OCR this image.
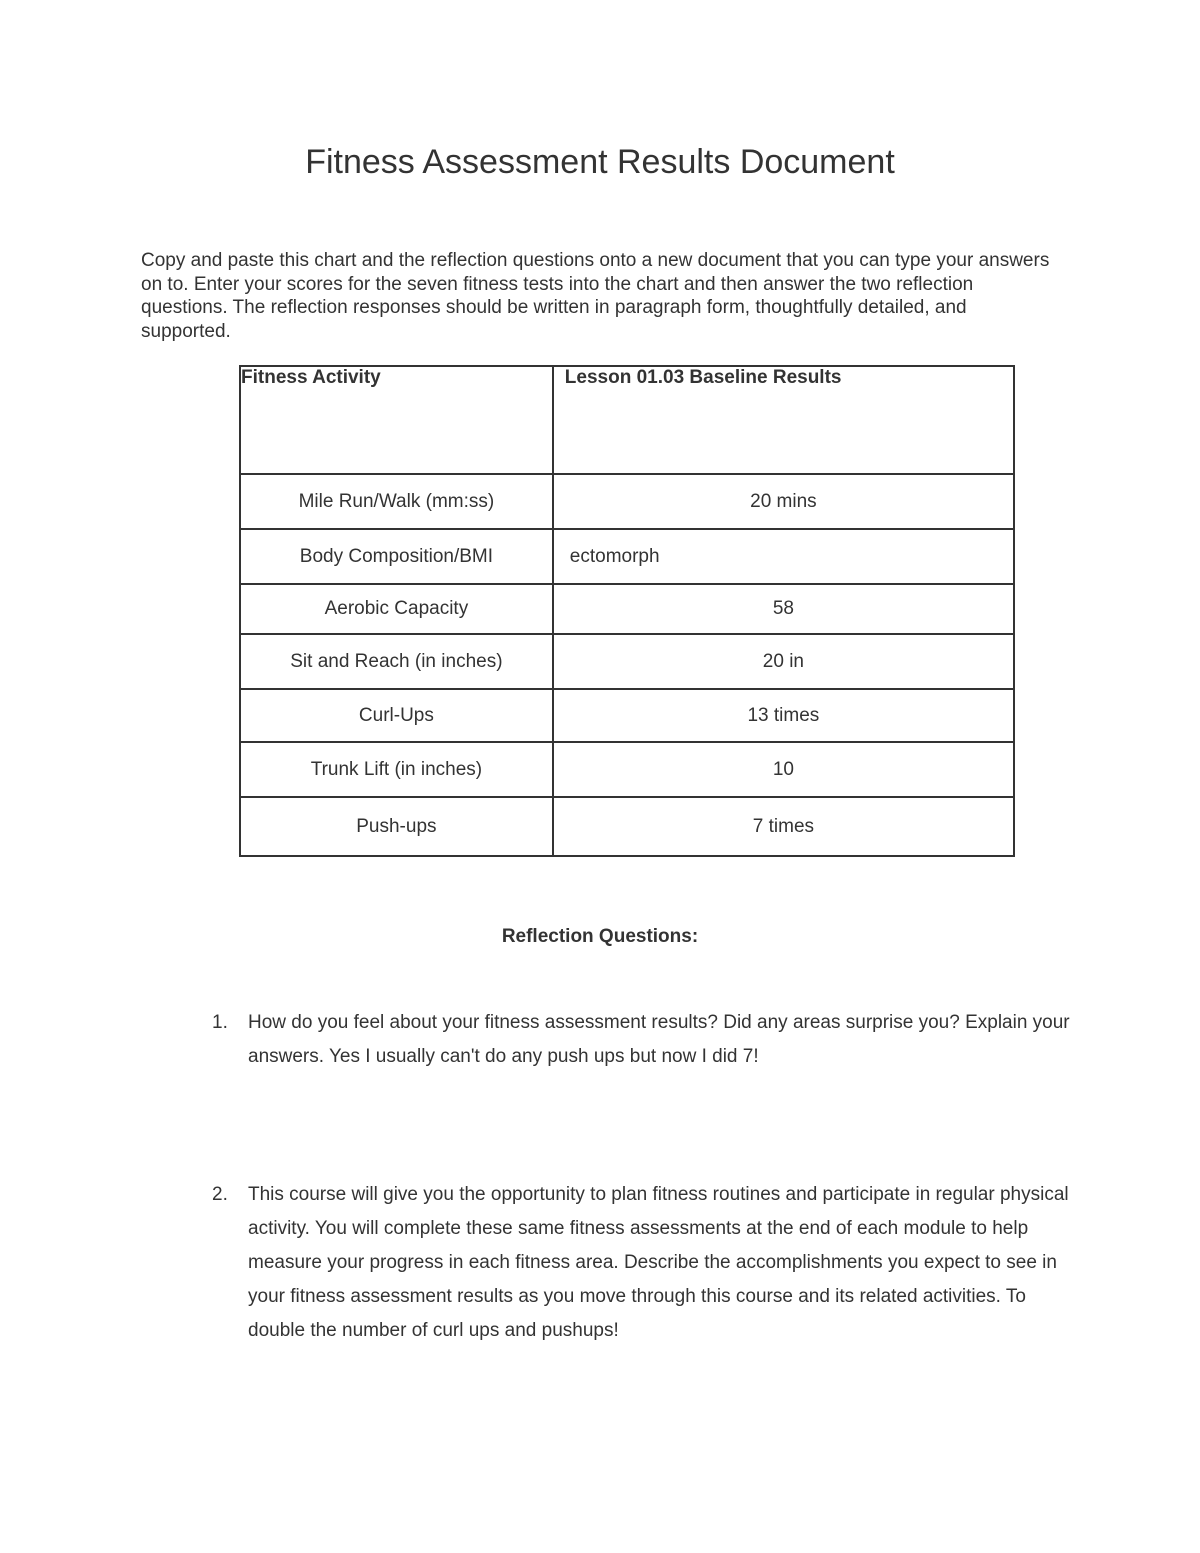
Fitness Assessment Results Document

Copy and paste this chart and the reflection questions onto a new document that you can type your answers on to. Enter your scores for the seven fitness tests into the chart and then answer the two reflection questions. The reflection responses should be written in paragraph form, thoughtfully detailed, and supported.

Fitness Activity	Lesson 01.03 Baseline Results
Mile Run/Walk (mm:ss)	20 mins
Body Composition/BMI	ectomorph
Aerobic Capacity	58
Sit and Reach (in inches)	20 in
Curl-Ups	13 times
Trunk Lift (in inches)	10
Push-ups	7 times
Reflection Questions:
1. How do you feel about your fitness assessment results? Did any areas surprise you? Explain your answers. Yes I usually can't do any push ups but now I did 7!
2. This course will give you the opportunity to plan fitness routines and participate in regular physical activity. You will complete these same fitness assessments at the end of each module to help measure your progress in each fitness area. Describe the accomplishments you expect to see in your fitness assessment results as you move through this course and its related activities. To double the number of curl ups and pushups!
